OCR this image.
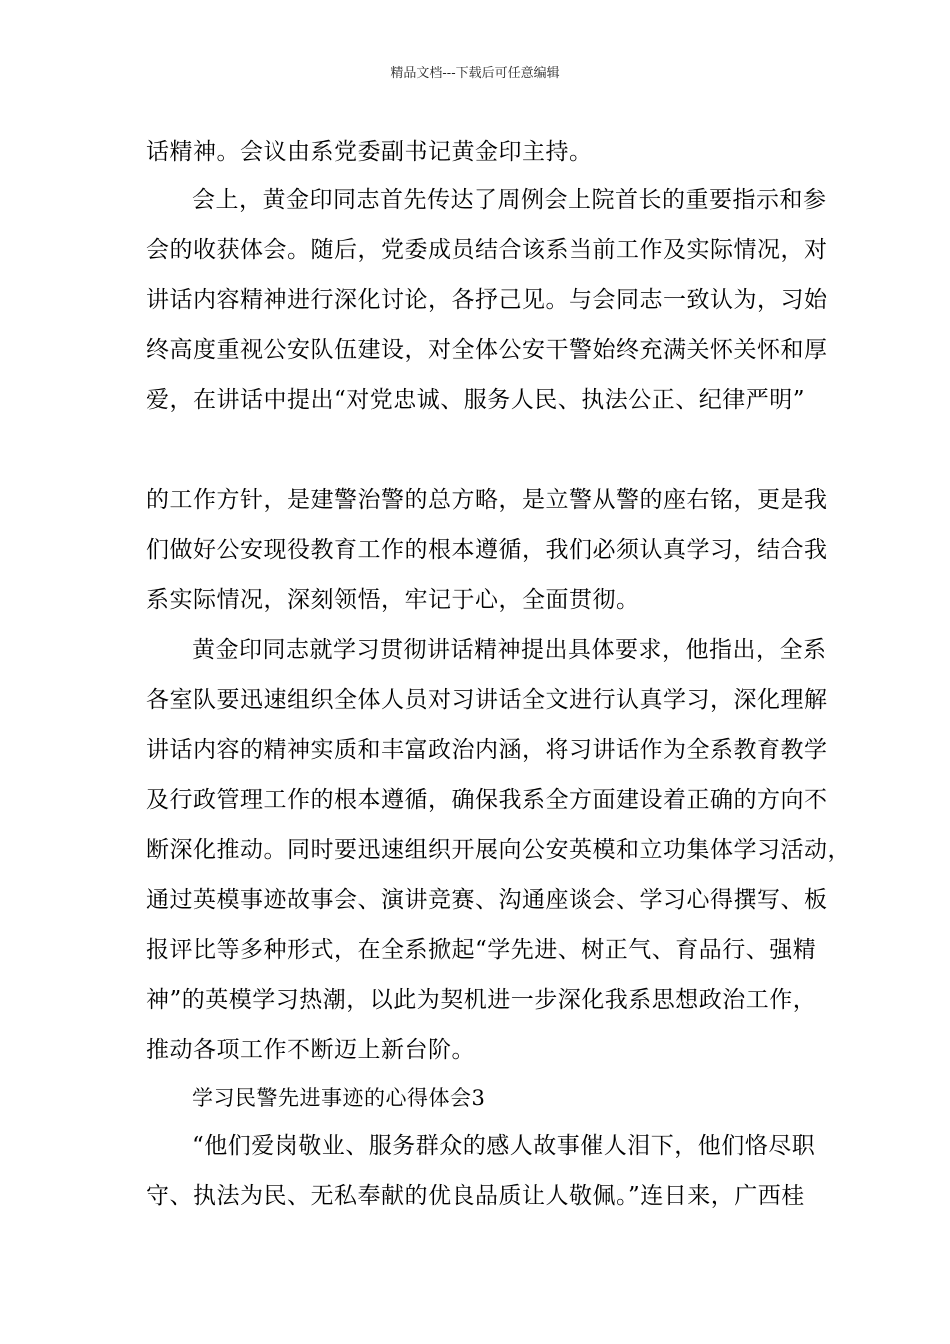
精品文档---下载后可任意编辑
话精神。会议由系党委副书记黄金印主持。
会上，黄金印同志首先传达了周例会上院首长的重要指示和参
会的收获体会。随后，党委成员结合该系当前工作及实际情况，对
讲话内容精神进行深化讨论，各抒己见。与会同志一致认为，习始
终高度重视公安队伍建设，对全体公安干警始终充满关怀关怀和厚
爱，在讲话中提出“对党忠诚、服务人民、执法公正、纪律严明”
的工作方针，是建警治警的总方略，是立警从警的座右铭，更是我
们做好公安现役教育工作的根本遵循，我们必须认真学习，结合我
系实际情况，深刻领悟，牢记于心，全面贯彻。
黄金印同志就学习贯彻讲话精神提出具体要求，他指出，全系
各室队要迅速组织全体人员对习讲话全文进行认真学习，深化理解
讲话内容的精神实质和丰富政治内涵，将习讲话作为全系教育教学
及行政管理工作的根本遵循，确保我系全方面建设着正确的方向不
断深化推动。同时要迅速组织开展向公安英模和立功集体学习活动，
通过英模事迹故事会、演讲竞赛、沟通座谈会、学习心得撰写、板
报评比等多种形式，在全系掀起“学先进、树正气、育品行、强精
神”的英模学习热潮，以此为契机进一步深化我系思想政治工作，
推动各项工作不断迈上新台阶。
学习民警先进事迹的心得体会3
“他们爱岗敬业、服务群众的感人故事催人泪下，他们恪尽职
守、执法为民、无私奉献的优良品质让人敬佩。”连日来，广西桂
